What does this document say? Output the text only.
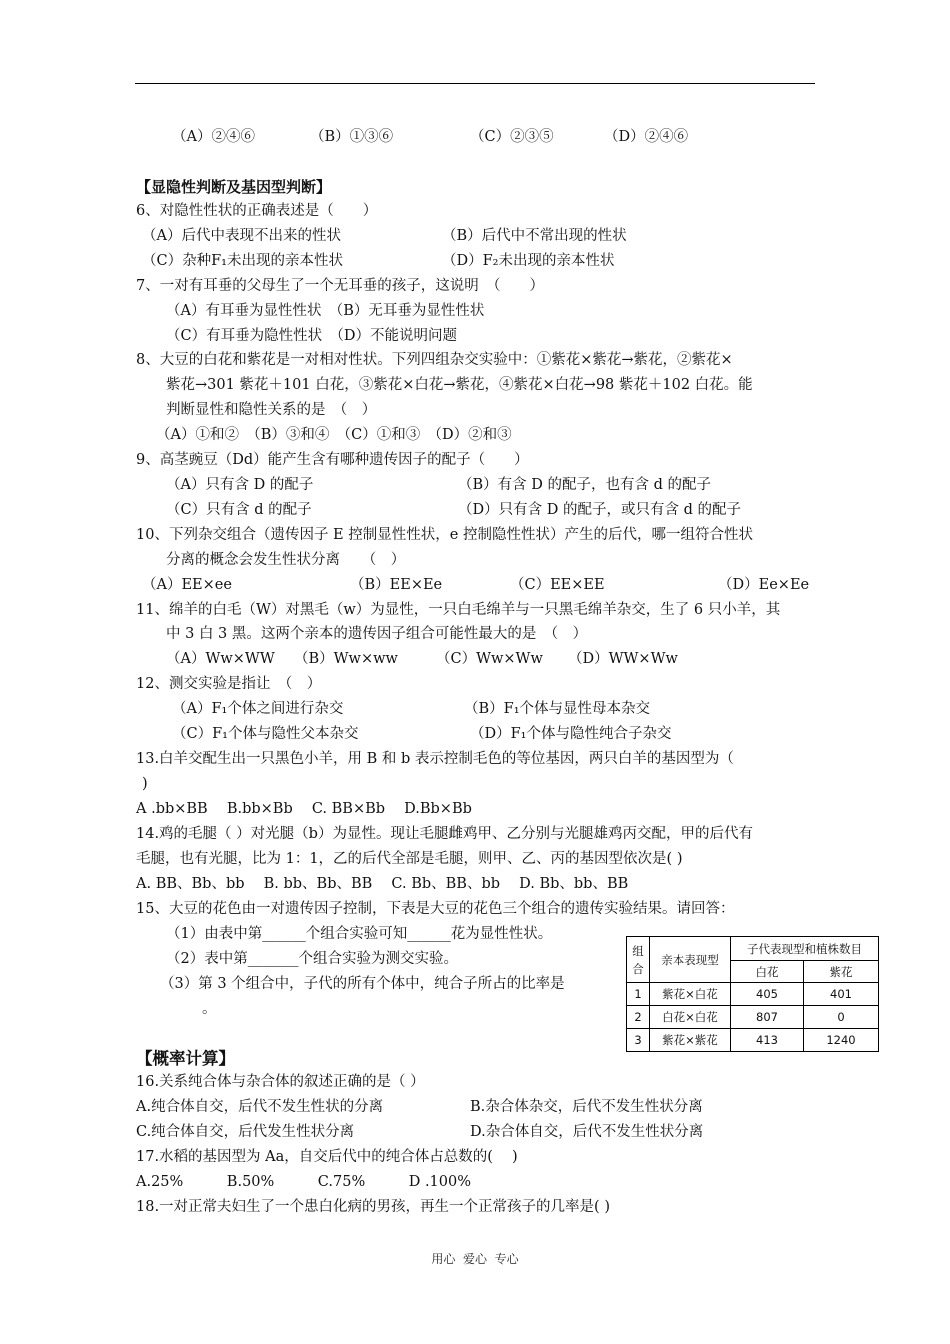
（A）②④⑥	（B）①③⑥	（C）②③⑤	（D）②④⑥
【显隐性判断及基因型判断】
6、对隐性性状的正确表述是（　　）
（A）后代中表现不出来的性状	（B）后代中不常出现的性状
（C）杂种F₁未出现的亲本性状	（D）F₂未出现的亲本性状
7、一对有耳垂的父母生了一个无耳垂的孩子，这说明　（　　）
（A）有耳垂为显性性状　（B）无耳垂为显性性状
（C）有耳垂为隐性性状　（D）不能说明问题
8、大豆的白花和紫花是一对相对性状。下列四组杂交实验中：①紫花×紫花→紫花，②紫花×
紫花→301 紫花＋101 白花，③紫花×白花→紫花，④紫花×白花→98 紫花＋102 白花。能
判断显性和隐性关系的是　（　）
（A）①和②　（B）③和④　（C）①和③　（D）②和③
9、高茎豌豆（Dd）能产生含有哪种遗传因子的配子（　　）
（A）只有含 D 的配子	（B）有含 D 的配子，也有含 d 的配子
（C）只有含 d 的配子	（D）只有含 D 的配子，或只有含 d 的配子
10、下列杂交组合（遗传因子 E 控制显性性状，e 控制隐性性状）产生的后代，哪一组符合性状
分离的概念会发生性状分离　　（　）
（A）EE×ee	（B）EE×Ee	（C）EE×EE	（D）Ee×Ee
11、绵羊的白毛（W）对黑毛（w）为显性，一只白毛绵羊与一只黑毛绵羊杂交，生了 6 只小羊，其
中 3 白 3 黑。这两个亲本的遗传因子组合可能性最大的是　（　）
（A）Ww×WW （B）Ww×ww	（C）Ww×Ww （D）WW×Ww
12、测交实验是指让　（　）
（A）F₁个体之间进行杂交	（B）F₁个体与显性母本杂交
（C）F₁个体与隐性父本杂交	（D）F₁个体与隐性纯合子杂交
13.白羊交配生出一只黑色小羊，用 B 和 b 表示控制毛色的等位基因，两只白羊的基因型为（
)
A .bb×BB　 B.bb×Bb　 C. BB×Bb　 D.Bb×Bb
14.鸡的毛腿（ ）对光腿（b）为显性。现让毛腿雌鸡甲、乙分别与光腿雄鸡丙交配，甲的后代有
毛腿，也有光腿，比为 1：1，乙的后代全部是毛腿，则甲、乙、丙的基因型依次是( )
A. BB、Bb、bb　 B. bb、Bb、BB　 C. Bb、BB、bb　 D. Bb、bb、BB
15、大豆的花色由一对遗传因子控制，下表是大豆的花色三个组合的遗传实验结果。请回答：
（1）由表中第______个组合实验可知______花为显性性状。
（2）表中第_______个组合实验为测交实验。
（3）第 3 个组合中，子代的所有个体中，纯合子所占的比率是
。
组合	亲本表现型	子代表现型和植株数目	
		白花	紫花
1	紫花×白花	405	401
2	白花×白花	807	0
3	紫花×紫花	413	1240
【概率计算】
16.关系纯合体与杂合体的叙述正确的是（ ）
A.纯合体自交，后代不发生性状的分离	B.杂合体杂交，后代不发生性状分离
C.纯合体自交，后代发生性状分离	D.杂合体自交，后代不发生性状分离
17.水稻的基因型为 Aa，自交后代中的纯合体占总数的(　 )
A.25%　　　B.50%　　　C.75%　　　D .100%
18.一对正常夫妇生了一个患白化病的男孩，再生一个正常孩子的几率是( )
用心  爱心  专心
